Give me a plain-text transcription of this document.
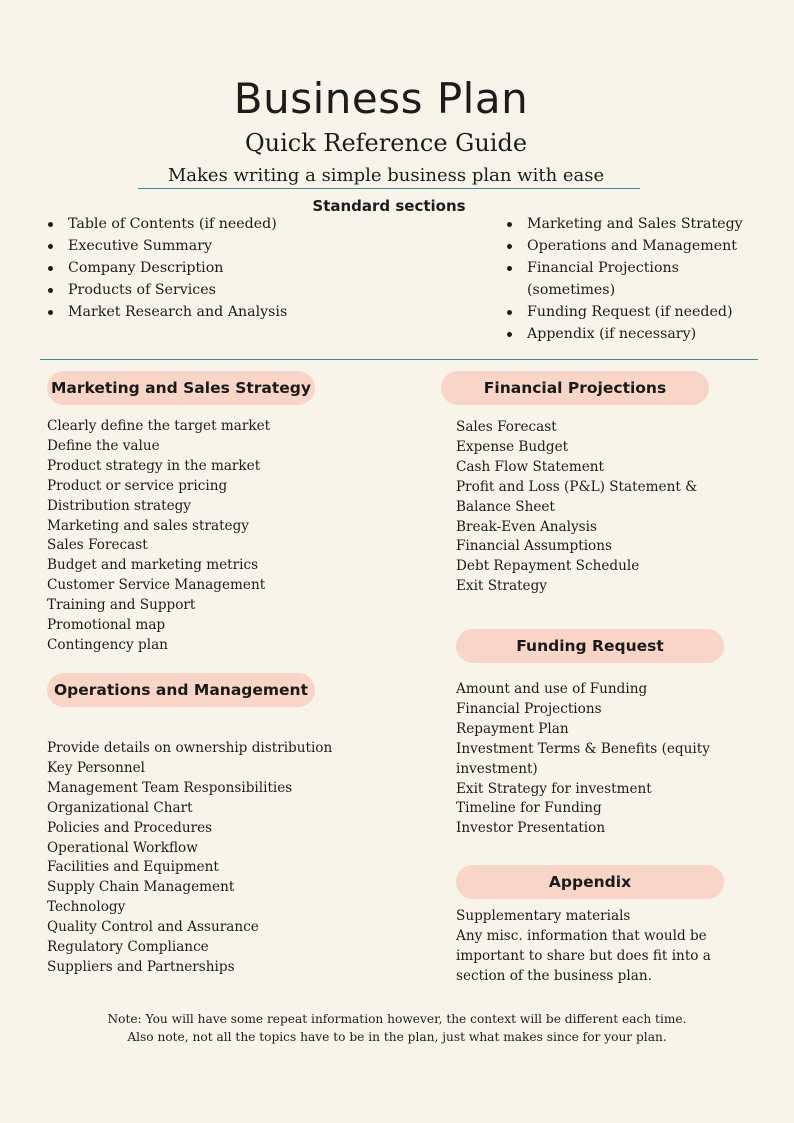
Business Plan
Quick Reference Guide
Makes writing a simple business plan with ease
Standard sections
Table of Contents (if needed)
Executive Summary
Company Description
Products of Services
Market Research and Analysis
Marketing and Sales Strategy
Operations and Management
Financial Projections (sometimes)
Funding Request (if needed)
Appendix (if necessary)
Marketing and Sales Strategy
Clearly define the target market
Define the value
Product strategy in the market
Product or service pricing
Distribution strategy
Marketing and sales strategy
Sales Forecast
Budget and marketing metrics
Customer Service Management
Training and Support
Promotional map
Contingency plan
Operations and Management
Provide details on ownership distribution
Key Personnel
Management Team Responsibilities
Organizational Chart
Policies and Procedures
Operational Workflow
Facilities and Equipment
Supply Chain Management
Technology
Quality Control and Assurance
Regulatory Compliance
Suppliers and Partnerships
Financial Projections
Sales Forecast
Expense Budget
Cash Flow Statement
Profit and Loss (P&L) Statement & Balance Sheet
Break-Even Analysis
Financial Assumptions
Debt Repayment Schedule
Exit Strategy
Funding Request
Amount and use of Funding
Financial Projections
Repayment Plan
Investment Terms & Benefits (equity investment)
Exit Strategy for investment
Timeline for Funding
Investor Presentation
Appendix
Supplementary materials
Any misc. information that would be important to share but does fit into a section of the business plan.
Note: You will have some repeat information however, the context will be different each time.
Also note, not all the topics have to be in the plan, just what makes since for your plan.
